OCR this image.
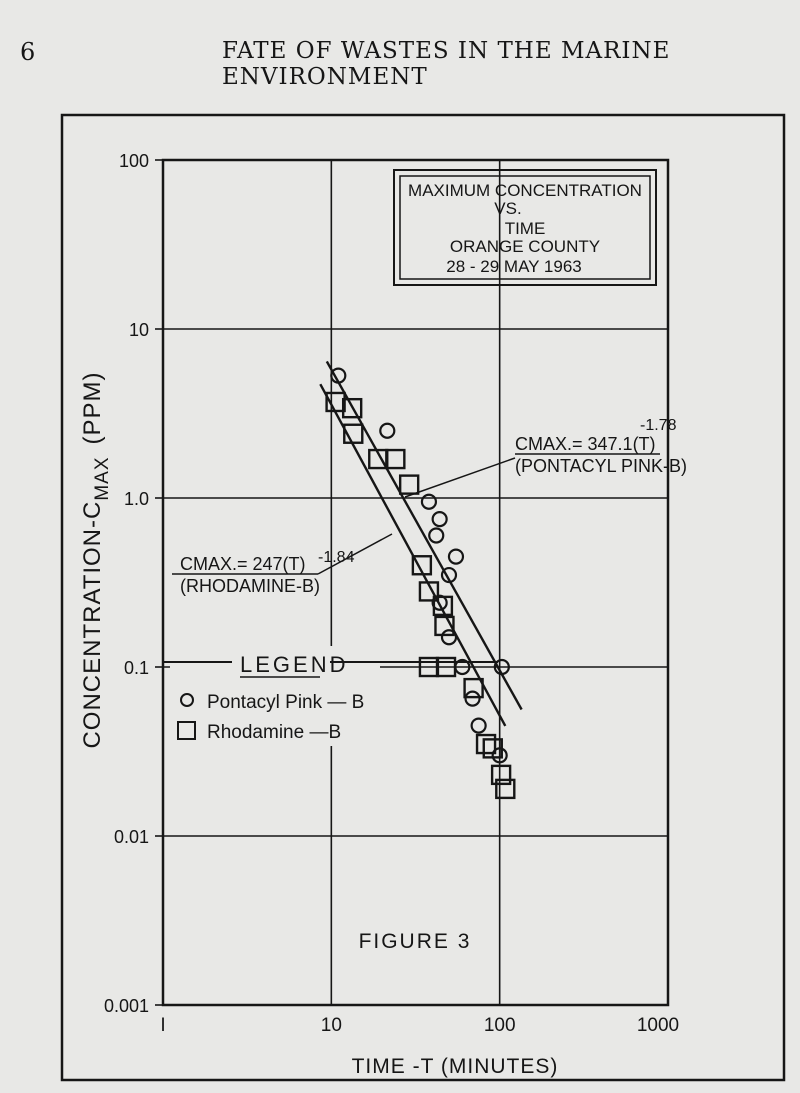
6	FATE OF WASTES IN THE MARINE ENVIRONMENT
0.001
0.01
0.1
1.0
10
100
I	10	100	1000
CONCENTRATION-$C_{MAX}(PPM)$
TIME -T (MINUTES)
MAXIMUM CONCENTRATION
VS.
TIME
ORANGE COUNTY
28 - 29 MAY 1963
-1.78
CMAX.= 347.1(T)
(PONTACYL PINK-B)
-1.84
CMAX.= 247(T)
(RHODAMINE-B)
LEGEND
Pontacyl Pink — B
Rhodamine —B
FIGURE 3
